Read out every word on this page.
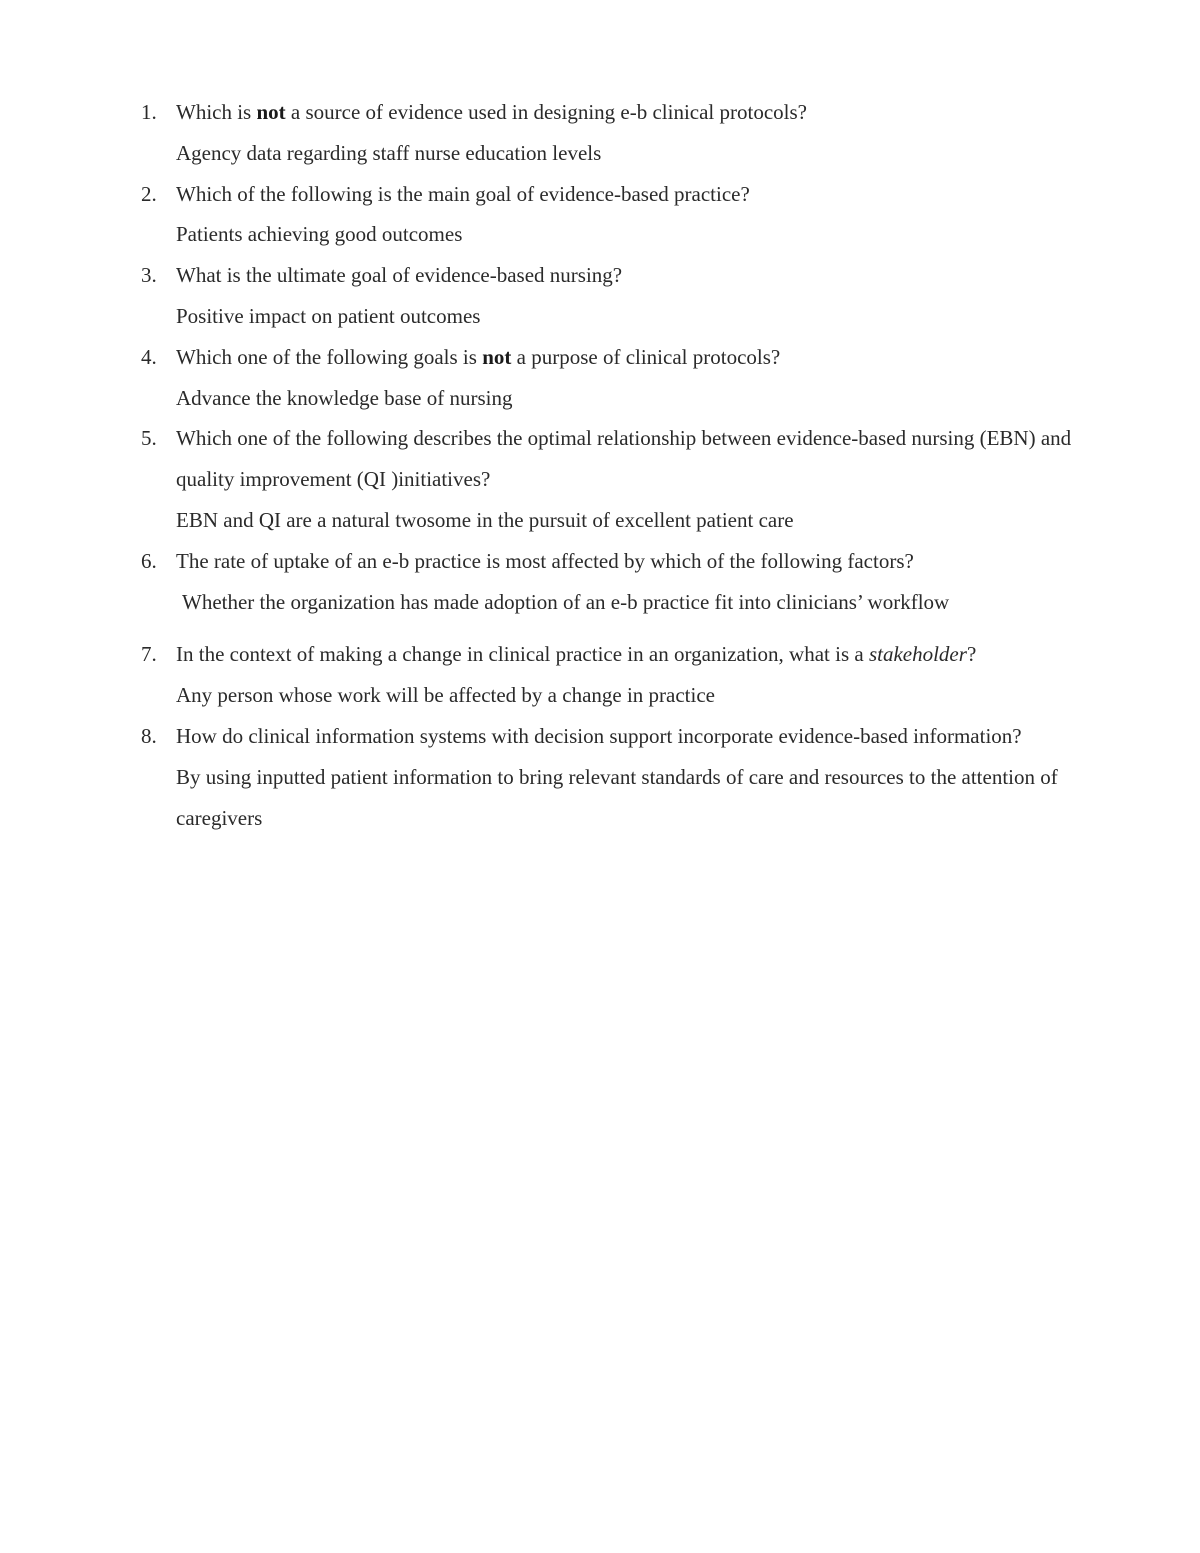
1. Which is not a source of evidence used in designing e-b clinical protocols?
Agency data regarding staff nurse education levels
2. Which of the following is the main goal of evidence-based practice?
Patients achieving good outcomes
3. What is the ultimate goal of evidence-based nursing?
Positive impact on patient outcomes
4. Which one of the following goals is not a purpose of clinical protocols?
Advance the knowledge base of nursing
5. Which one of the following describes the optimal relationship between evidence-based nursing (EBN) and quality improvement (QI )initiatives?
EBN and QI are a natural twosome in the pursuit of excellent patient care
6. The rate of uptake of an e-b practice is most affected by which of the following factors?
Whether the organization has made adoption of an e-b practice fit into clinicians’ workflow
7. In the context of making a change in clinical practice in an organization, what is a stakeholder?
Any person whose work will be affected by a change in practice
8. How do clinical information systems with decision support incorporate evidence-based information?
By using inputted patient information to bring relevant standards of care and resources to the attention of caregivers
